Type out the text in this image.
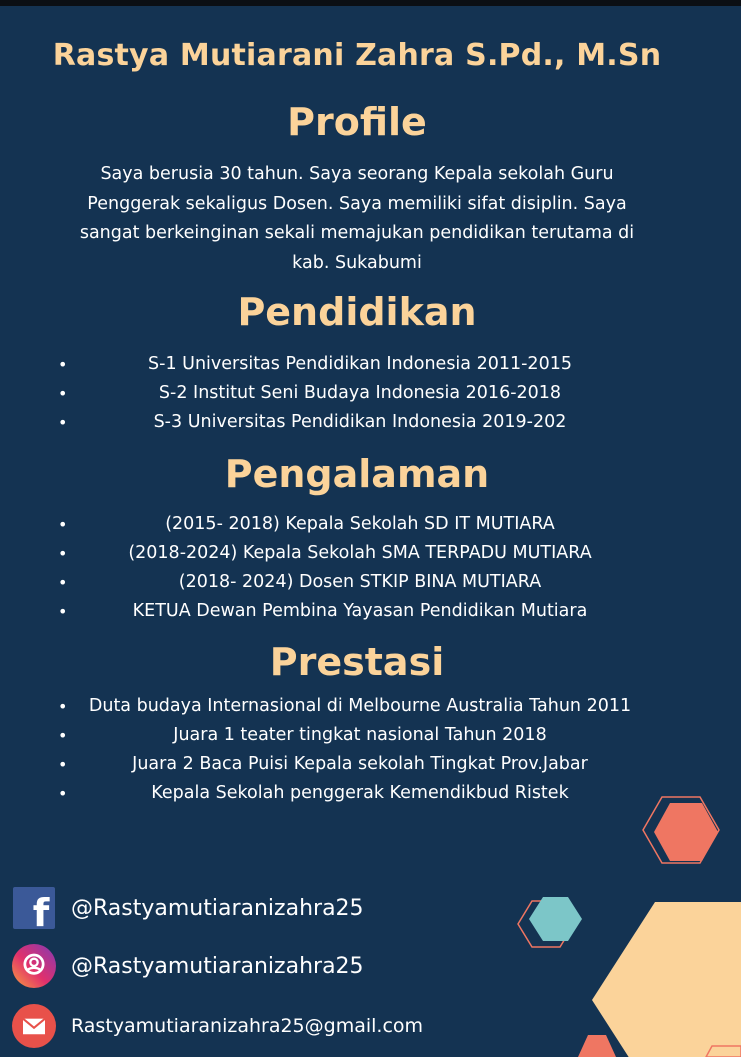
Rastya Mutiarani Zahra S.Pd., M.Sn
Profile
Saya berusia 30 tahun. Saya seorang Kepala sekolah Guru
Penggerak sekaligus Dosen. Saya memiliki sifat disiplin. Saya
sangat berkeinginan sekali memajukan pendidikan terutama di
kab. Sukabumi
Pendidikan
•	S-1 Universitas Pendidikan Indonesia 2011-2015
•	S-2 Institut Seni Budaya Indonesia 2016-2018
•	S-3 Universitas Pendidikan Indonesia 2019-202
Pengalaman
•	(2015- 2018) Kepala Sekolah SD IT MUTIARA
•	(2018-2024) Kepala Sekolah SMA TERPADU MUTIARA
•	(2018- 2024) Dosen STKIP BINA MUTIARA
•	KETUA Dewan Pembina Yayasan Pendidikan Mutiara
Prestasi
• Duta budaya Internasional di Melbourne Australia Tahun 2011
•	Juara 1 teater tingkat nasional Tahun 2018
•	Juara 2 Baca Puisi Kepala sekolah Tingkat Prov.Jabar
•	Kepala Sekolah penggerak Kemendikbud Ristek
f @Rastyamutiaranizahra25
@Rastyamutiaranizahra25
Rastyamutiaranizahra25@gmail.com
